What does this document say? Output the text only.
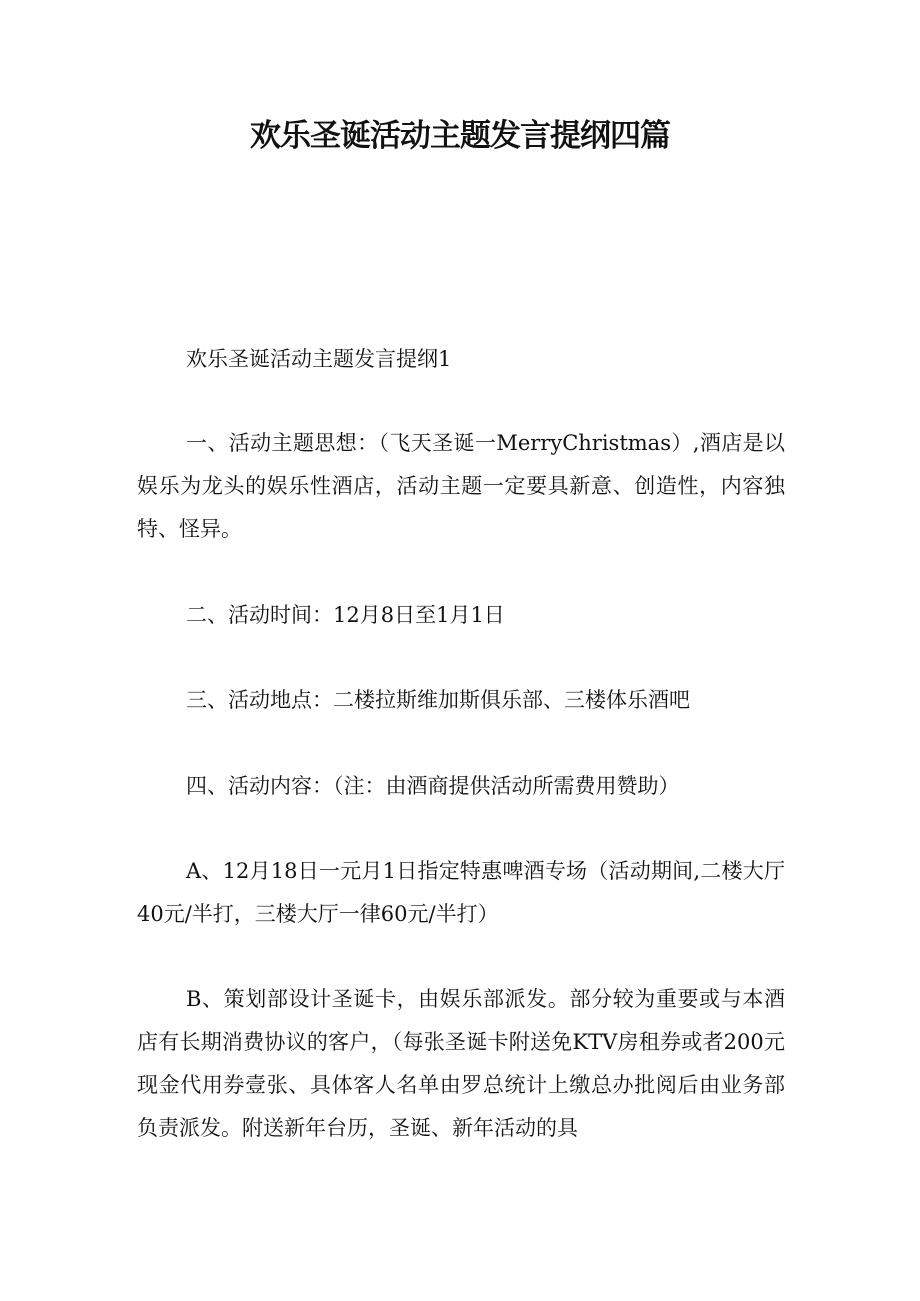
欢乐圣诞活动主题发言提纲四篇

欢乐圣诞活动主题发言提纲1

一、活动主题思想：（飞天圣诞一MerryChristmas）,酒店是以娱乐为龙头的娱乐性酒店，活动主题一定要具新意、创造性，内容独特、怪异。

二、活动时间：12月8日至1月1日

三、活动地点：二楼拉斯维加斯俱乐部、三楼体乐酒吧

四、活动内容：（注：由酒商提供活动所需费用赞助）

A、12月18日一元月1日指定特惠啤酒专场（活动期间,二楼大厅40元/半打，三楼大厅一律60元/半打）

B、策划部设计圣诞卡，由娱乐部派发。部分较为重要或与本酒店有长期消费协议的客户，（每张圣诞卡附送免KTV房租券或者200元现金代用券壹张、具体客人名单由罗总统计上缴总办批阅后由业务部负责派发。附送新年台历，圣诞、新年活动的具
